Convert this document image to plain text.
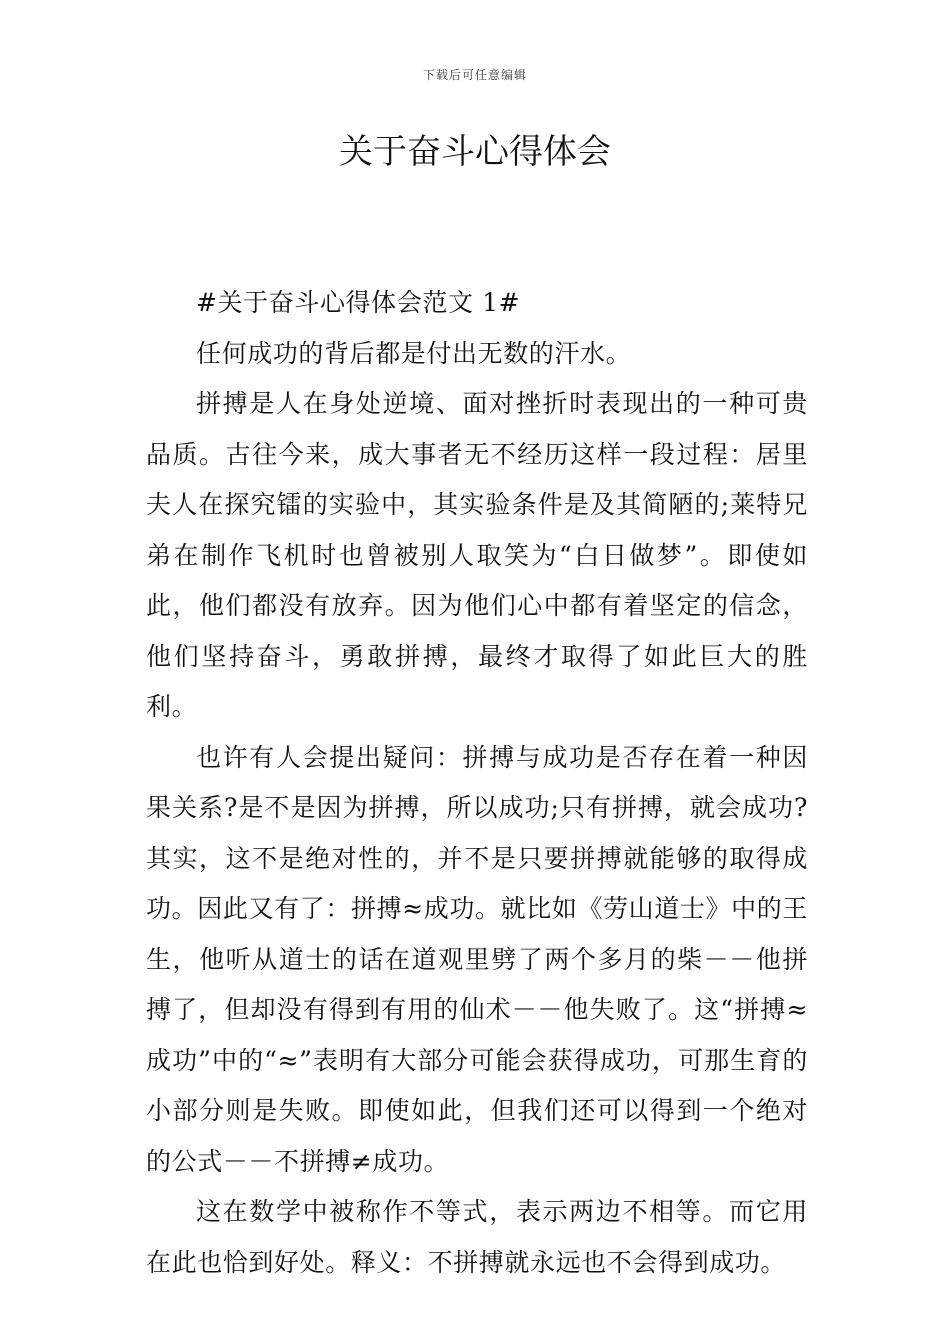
下载后可任意编辑
关于奋斗心得体会

#关于奋斗心得体会范文 1#

任何成功的背后都是付出无数的汗水。

拼搏是人在身处逆境、面对挫折时表现出的一种可贵品质。古往今来，成大事者无不经历这样一段过程：居里夫人在探究镭的实验中，其实验条件是及其简陋的;莱特兄弟在制作飞机时也曾被别人取笑为“白日做梦”。即使如此，他们都没有放弃。因为他们心中都有着坚定的信念，他们坚持奋斗，勇敢拼搏，最终才取得了如此巨大的胜利。

也许有人会提出疑问：拼搏与成功是否存在着一种因果关系?是不是因为拼搏，所以成功;只有拼搏，就会成功?其实，这不是绝对性的，并不是只要拼搏就能够的取得成功。因此又有了：拼搏≈成功。就比如《劳山道士》中的王生，他听从道士的话在道观里劈了两个多月的柴－－他拼搏了，但却没有得到有用的仙术－－他失败了。这“拼搏≈成功”中的“≈”表明有大部分可能会获得成功，可那生育的小部分则是失败。即使如此，但我们还可以得到一个绝对的公式－－不拼搏≠成功。

这在数学中被称作不等式，表示两边不相等。而它用在此也恰到好处。释义：不拼搏就永远也不会得到成功。
